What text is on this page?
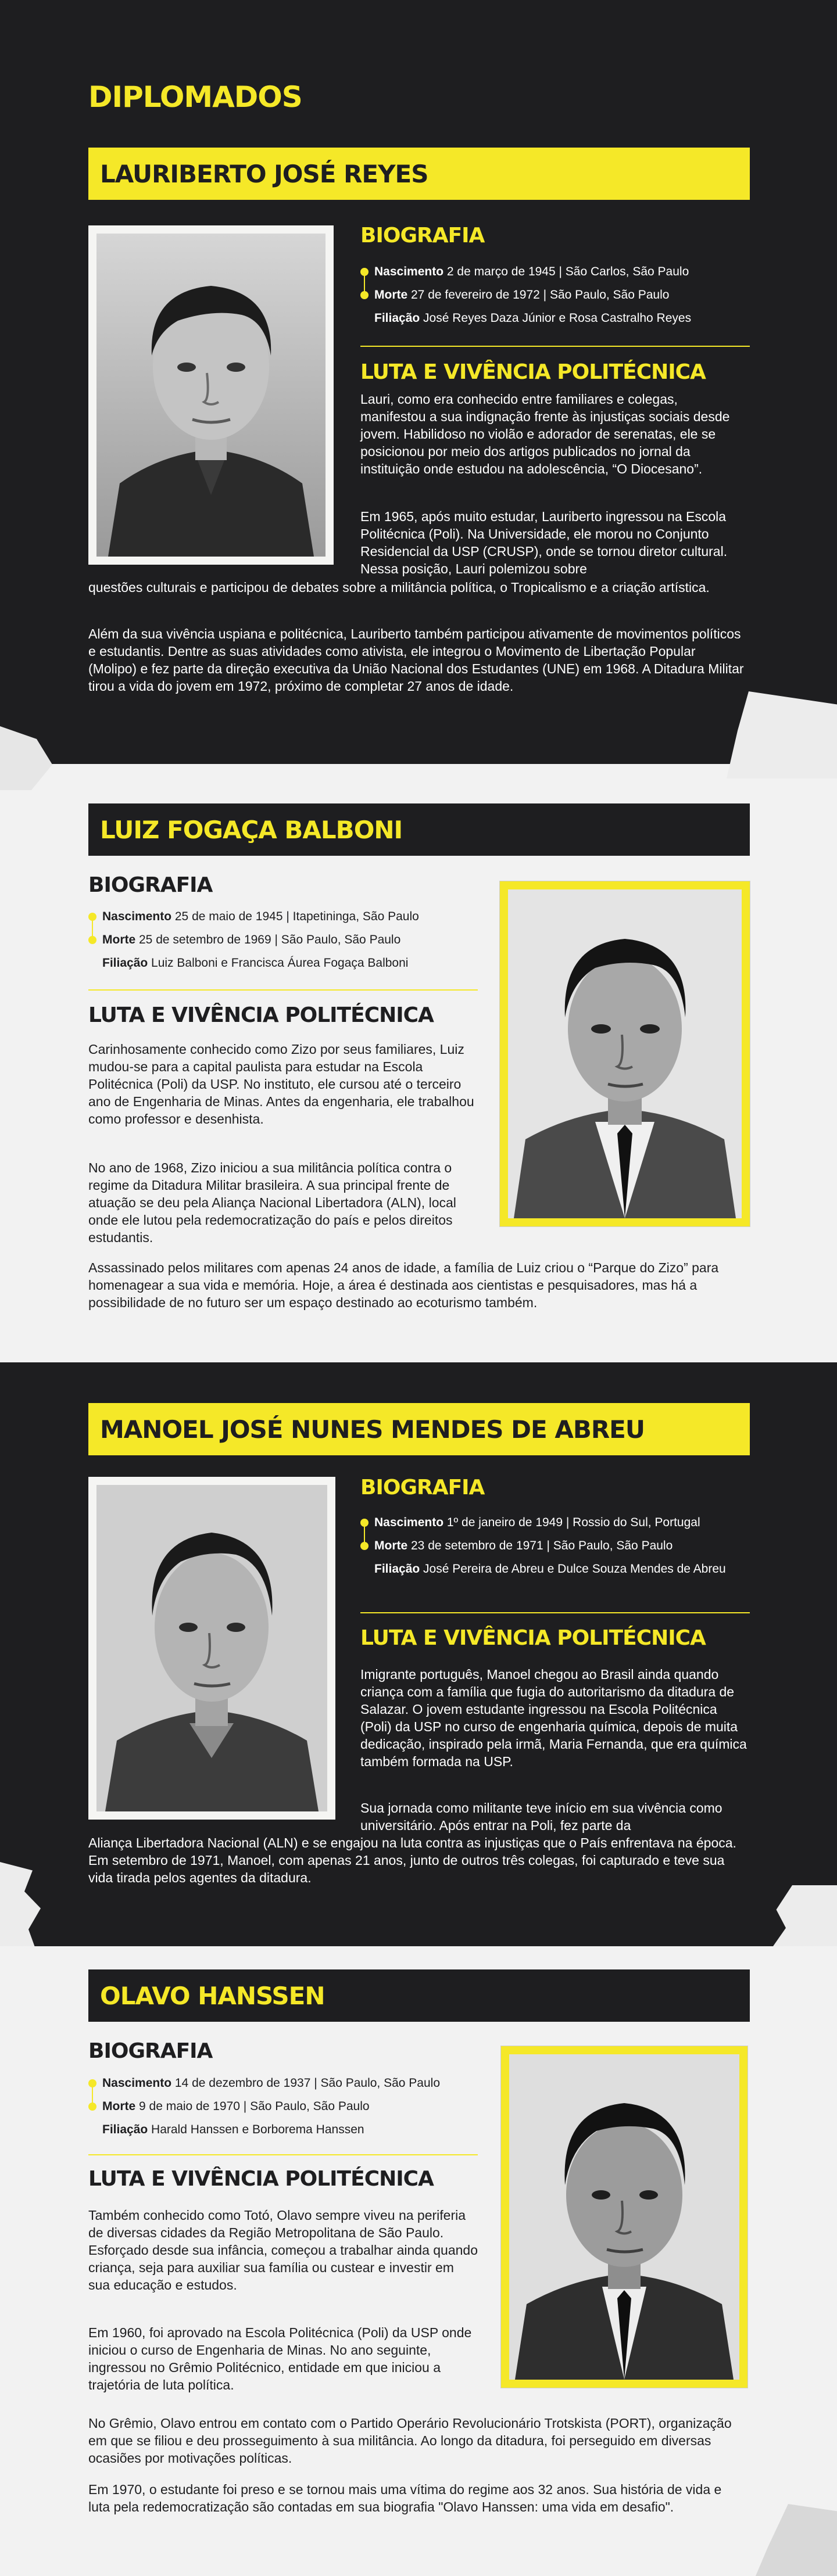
DIPLOMADOS
LAURIBERTO JOSÉ REYES
BIOGRAFIA
Nascimento 2 de março de 1945 | São Carlos, São Paulo
Morte 27 de fevereiro de 1972 | São Paulo, São Paulo
Filiação José Reyes Daza Júnior e Rosa Castralho Reyes
LUTA E VIVÊNCIA POLITÉCNICA

Lauri, como era conhecido entre familiares e colegas, manifestou a sua indignação frente às injustiças sociais desde jovem. Habilidoso no violão e adorador de serenatas, ele se posicionou por meio dos artigos publicados no jornal da instituição onde estudou na adolescência, “O Diocesano”.

Em 1965, após muito estudar, Lauriberto ingressou na Escola Politécnica (Poli). Na Universidade, ele morou no Conjunto Residencial da USP (CRUSP), onde se tornou diretor cultural. Nessa posição, Lauri polemizou sobre

questões culturais e participou de debates sobre a militância política, o Tropicalismo e a criação artística.

Além da sua vivência uspiana e politécnica, Lauriberto também participou ativamente de movimentos políticos e estudantis. Dentre as suas atividades como ativista, ele integrou o Movimento de Libertação Popular (Molipo) e fez parte da direção executiva da União Nacional dos Estudantes (UNE) em 1968. A Ditadura Militar tirou a vida do jovem em 1972, próximo de completar 27 anos de idade.

LUIZ FOGAÇA BALBONI
BIOGRAFIA
Nascimento 25 de maio de 1945 | Itapetininga, São Paulo
Morte 25 de setembro de 1969 | São Paulo, São Paulo
Filiação Luiz Balboni e Francisca Áurea Fogaça Balboni
LUTA E VIVÊNCIA POLITÉCNICA

Carinhosamente conhecido como Zizo por seus familiares, Luiz mudou-se para a capital paulista para estudar na Escola Politécnica (Poli) da USP. No instituto, ele cursou até o terceiro ano de Engenharia de Minas. Antes da engenharia, ele trabalhou como professor e desenhista.

No ano de 1968, Zizo iniciou a sua militância política contra o regime da Ditadura Militar brasileira. A sua principal frente de atuação se deu pela Aliança Nacional Libertadora (ALN), local onde ele lutou pela redemocratização do país e pelos direitos estudantis.

Assassinado pelos militares com apenas 24 anos de idade, a família de Luiz criou o “Parque do Zizo” para homenagear a sua vida e memória. Hoje, a área é destinada aos cientistas e pesquisadores, mas há a possibilidade de no futuro ser um espaço destinado ao ecoturismo também.

MANOEL JOSÉ NUNES MENDES DE ABREU
BIOGRAFIA
Nascimento 1º de janeiro de 1949 | Rossio do Sul, Portugal
Morte 23 de setembro de 1971 | São Paulo, São Paulo
Filiação José Pereira de Abreu e Dulce Souza Mendes de Abreu
LUTA E VIVÊNCIA POLITÉCNICA

Imigrante português, Manoel chegou ao Brasil ainda quando criança com a família que fugia do autoritarismo da ditadura de Salazar. O jovem estudante ingressou na Escola Politécnica (Poli) da USP no curso de engenharia química, depois de muita dedicação, inspirado pela irmã, Maria Fernanda, que era química também formada na USP.

Sua jornada como militante teve início em sua vivência como universitário. Após entrar na Poli, fez parte da

Aliança Libertadora Nacional (ALN) e se engajou na luta contra as injustiças que o País enfrentava na época. Em setembro de 1971, Manoel, com apenas 21 anos, junto de outros três colegas, foi capturado e teve sua vida tirada pelos agentes da ditadura.

OLAVO HANSSEN
BIOGRAFIA
Nascimento 14 de dezembro de 1937 | São Paulo, São Paulo
Morte 9 de maio de 1970 | São Paulo, São Paulo
Filiação Harald Hanssen e Borborema Hanssen
LUTA E VIVÊNCIA POLITÉCNICA

Também conhecido como Totó, Olavo sempre viveu na periferia de diversas cidades da Região Metropolitana de São Paulo. Esforçado desde sua infância, começou a trabalhar ainda quando criança, seja para auxiliar sua família ou custear e investir em sua educação e estudos.

Em 1960, foi aprovado na Escola Politécnica (Poli) da USP onde iniciou o curso de Engenharia de Minas. No ano seguinte, ingressou no Grêmio Politécnico, entidade em que iniciou a trajetória de luta política.

No Grêmio, Olavo entrou em contato com o Partido Operário Revolucionário Trotskista (PORT), organização em que se filiou e deu prosseguimento à sua militância. Ao longo da ditadura, foi perseguido em diversas ocasiões por motivações políticas.

Em 1970, o estudante foi preso e se tornou mais uma vítima do regime aos 32 anos. Sua história de vida e luta pela redemocratização são contadas em sua biografia "Olavo Hanssen: uma vida em desafio".
